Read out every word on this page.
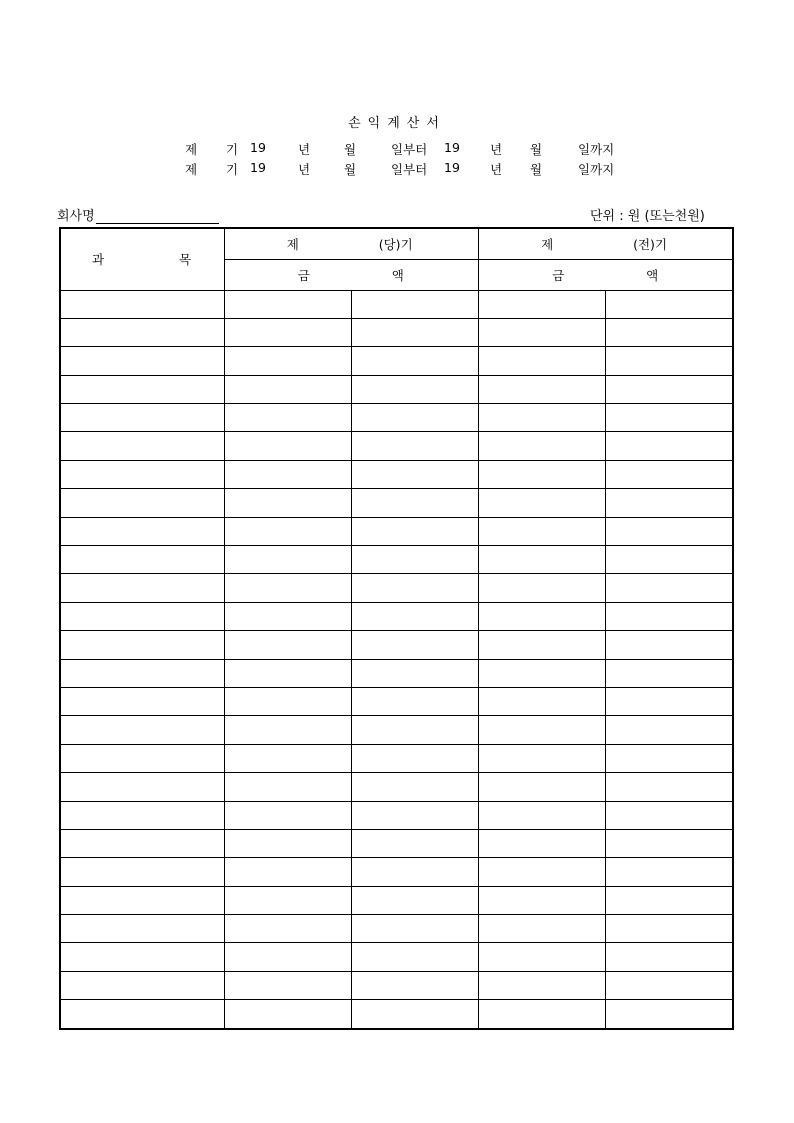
손익계산서
제 기 19	년	월	일부터 19 년 월	일까지
제 기 19	년	월	일부터 19 년 월	일까지
회사명	단위 : 원 (또는천원)
과 목	제 (당)기		제 (전)기	

	금 액		금 액	
